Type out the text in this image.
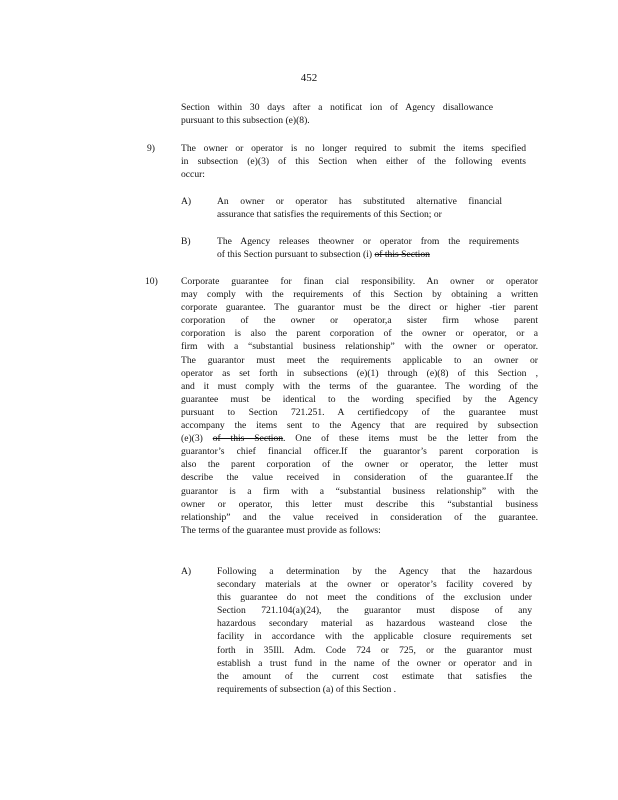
452
Section within 30 days after a notificat ion of Agency disallowance
pursuant to this subsection (e)(8).
9)	The owner or operator is no longer required to submit the items specified
in subsection (e)(3) of this Section when either of the following events
occur:
A)	An owner or operator has substituted alternative financial
assurance that satisfies the requirements of this Section; or
B)	The Agency releases theowner or operator from the requirements
of this Section pursuant to subsection (i) of this Section
10) Corporate guarantee for finan cial responsibility. An owner or operator
may comply with the requirements of this Section by obtaining a written
corporate guarantee. The guarantor must be the direct or higher -tier parent
corporation of the owner or operator,a sister firm whose parent
corporation is also the parent corporation of the owner or operator, or a
firm with a “substantial business relationship” with the owner or operator.
The guarantor must meet the requirements applicable to an owner or
operator as set forth in subsections (e)(1) through (e)(8) of this Section ,
and it must comply with the terms of the guarantee. The wording of the
guarantee must be identical to the wording specified by the Agency
pursuant to Section 721.251. A certifiedcopy of the guarantee must
accompany the items sent to the Agency that are required by subsection
(e)(3) of this Section. One of these items must be the letter from the
guarantor’s chief financial officer.If the guarantor’s parent corporation is
also the parent corporation of the owner or operator, the letter must
describe the value received in consideration of the guarantee.If the
guarantor is a firm with a “substantial business relationship” with the
owner or operator, this letter must describe this “substantial business
relationship” and the value received in consideration of the guarantee.
The terms of the guarantee must provide as follows:
A)	Following a determination by the Agency that the hazardous
secondary materials at the owner or operator’s facility covered by
this guarantee do not meet the conditions of the exclusion under
Section 721.104(a)(24), the guarantor must dispose of any
hazardous secondary material as hazardous wasteand close the
facility in accordance with the applicable closure requirements set
forth in 35Ill. Adm. Code 724 or 725, or the guarantor must
establish a trust fund in the name of the owner or operator and in
the amount of the current cost estimate that satisfies the
requirements of subsection (a) of this Section .
